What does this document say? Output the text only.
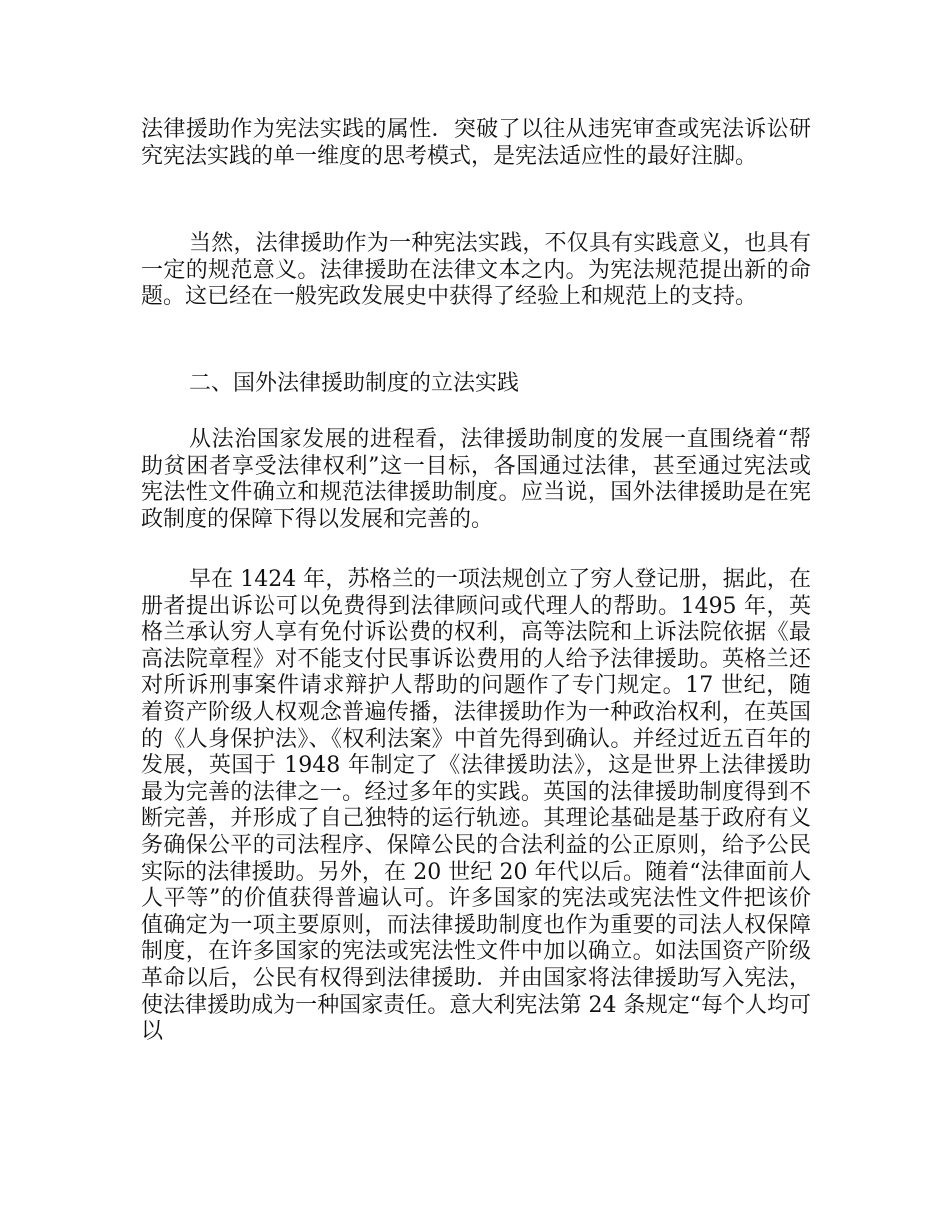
法律援助作为宪法实践的属性．突破了以往从违宪审查或宪法诉讼研究宪法实践的单一维度的思考模式，是宪法适应性的最好注脚。

当然，法律援助作为一种宪法实践，不仅具有实践意义，也具有一定的规范意义。法律援助在法律文本之内。为宪法规范提出新的命题。这已经在一般宪政发展史中获得了经验上和规范上的支持。

二、国外法律援助制度的立法实践

从法治国家发展的进程看，法律援助制度的发展一直围绕着“帮助贫困者享受法律权利”这一目标，各国通过法律，甚至通过宪法或宪法性文件确立和规范法律援助制度。应当说，国外法律援助是在宪政制度的保障下得以发展和完善的。

早在 1424 年，苏格兰的一项法规创立了穷人登记册，据此，在册者提出诉讼可以免费得到法律顾问或代理人的帮助。1495 年，英格兰承认穷人享有免付诉讼费的权利，高等法院和上诉法院依据《最高法院章程》对不能支付民事诉讼费用的人给予法律援助。英格兰还对所诉刑事案件请求辩护人帮助的问题作了专门规定。17 世纪，随着资产阶级人权观念普遍传播，法律援助作为一种政治权利，在英国的《人身保护法》、《权利法案》中首先得到确认。并经过近五百年的发展，英国于 1948 年制定了《法律援助法》，这是世界上法律援助最为完善的法律之一。经过多年的实践。英国的法律援助制度得到不断完善，并形成了自己独特的运行轨迹。其理论基础是基于政府有义务确保公平的司法程序、保障公民的合法利益的公正原则，给予公民实际的法律援助。另外，在 20 世纪 20 年代以后。随着“法律面前人人平等”的价值获得普遍认可。许多国家的宪法或宪法性文件把该价值确定为一项主要原则，而法律援助制度也作为重要的司法人权保障制度，在许多国家的宪法或宪法性文件中加以确立。如法国资产阶级革命以后，公民有权得到法律援助．并由国家将法律援助写入宪法，使法律援助成为一种国家责任。意大利宪法第 24 条规定“每个人均可以
